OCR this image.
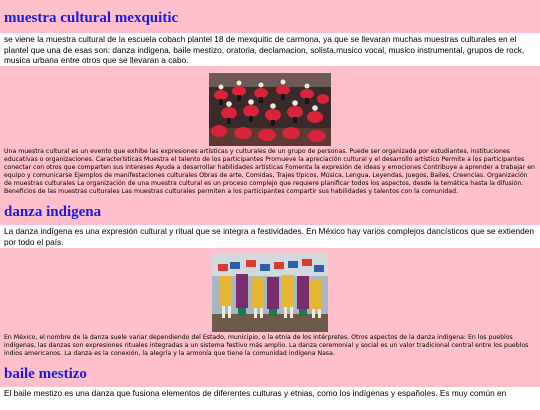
muestra cultural mexquitic
se viene la muestra cultural de la escuela cobach plantel 18 de mexquitic de carmona, ya que se llevaran muchas muestras culturales en el plantel que una de esas son: danza indigena, baile mestizo, oratoria, declamacion, solista,musico vocal, musico instrumental, grupos de rock, musica urbana entre otros que se llevaran a cabo.

Una muestra cultural es un evento que exhibe las expresiones artísticas y culturales de un grupo de personas. Puede ser organizada por estudiantes, instituciones educativas o organizaciones. Características Muestra el talento de los participantes Promueve la apreciación cultural y el desarrollo artístico Permite a los participantes conectar con otros que comparten sus intereses Ayuda a desarrollar habilidades artísticas Fomenta la expresión de ideas y emociones Contribuye a aprender a trabajar en equipo y comunicarse Ejemplos de manifestaciones culturales Obras de arte, Comidas, Trajes típicos, Música, Lengua, Leyendas, Juegos, Bailes, Creencias. Organización de muestras culturales La organización de una muestra cultural es un proceso complejo que requiere planificar todos los aspectos, desde la temática hasta la difusión. Beneficios de las muestras culturales Las muestras culturales permiten a los participantes compartir sus habilidades y talentos con la comunidad.

danza indigena
La danza indígena es una expresión cultural y ritual que se integra a festividades. En México hay varios complejos dancísticos que se extienden por todo el país.

En México, el nombre de la danza suele variar dependiendo del Estado, municipio, o la etnia de los intérpretes. Otros aspectos de la danza indígena: En los pueblos indígenas, las danzas son expresiones rituales integradas a un sistema festivo más amplio. La danza ceremonial y social es un valor tradicional central entre los pueblos indios americanos. La danza es la conexión, la alegría y la armonía que tiene la comunidad indígena Nasa.

baile mestizo
El baile mestizo es una danza que fusiona elementos de diferentes culturas y etnias, como los indígenas y españoles. Es muy común en
